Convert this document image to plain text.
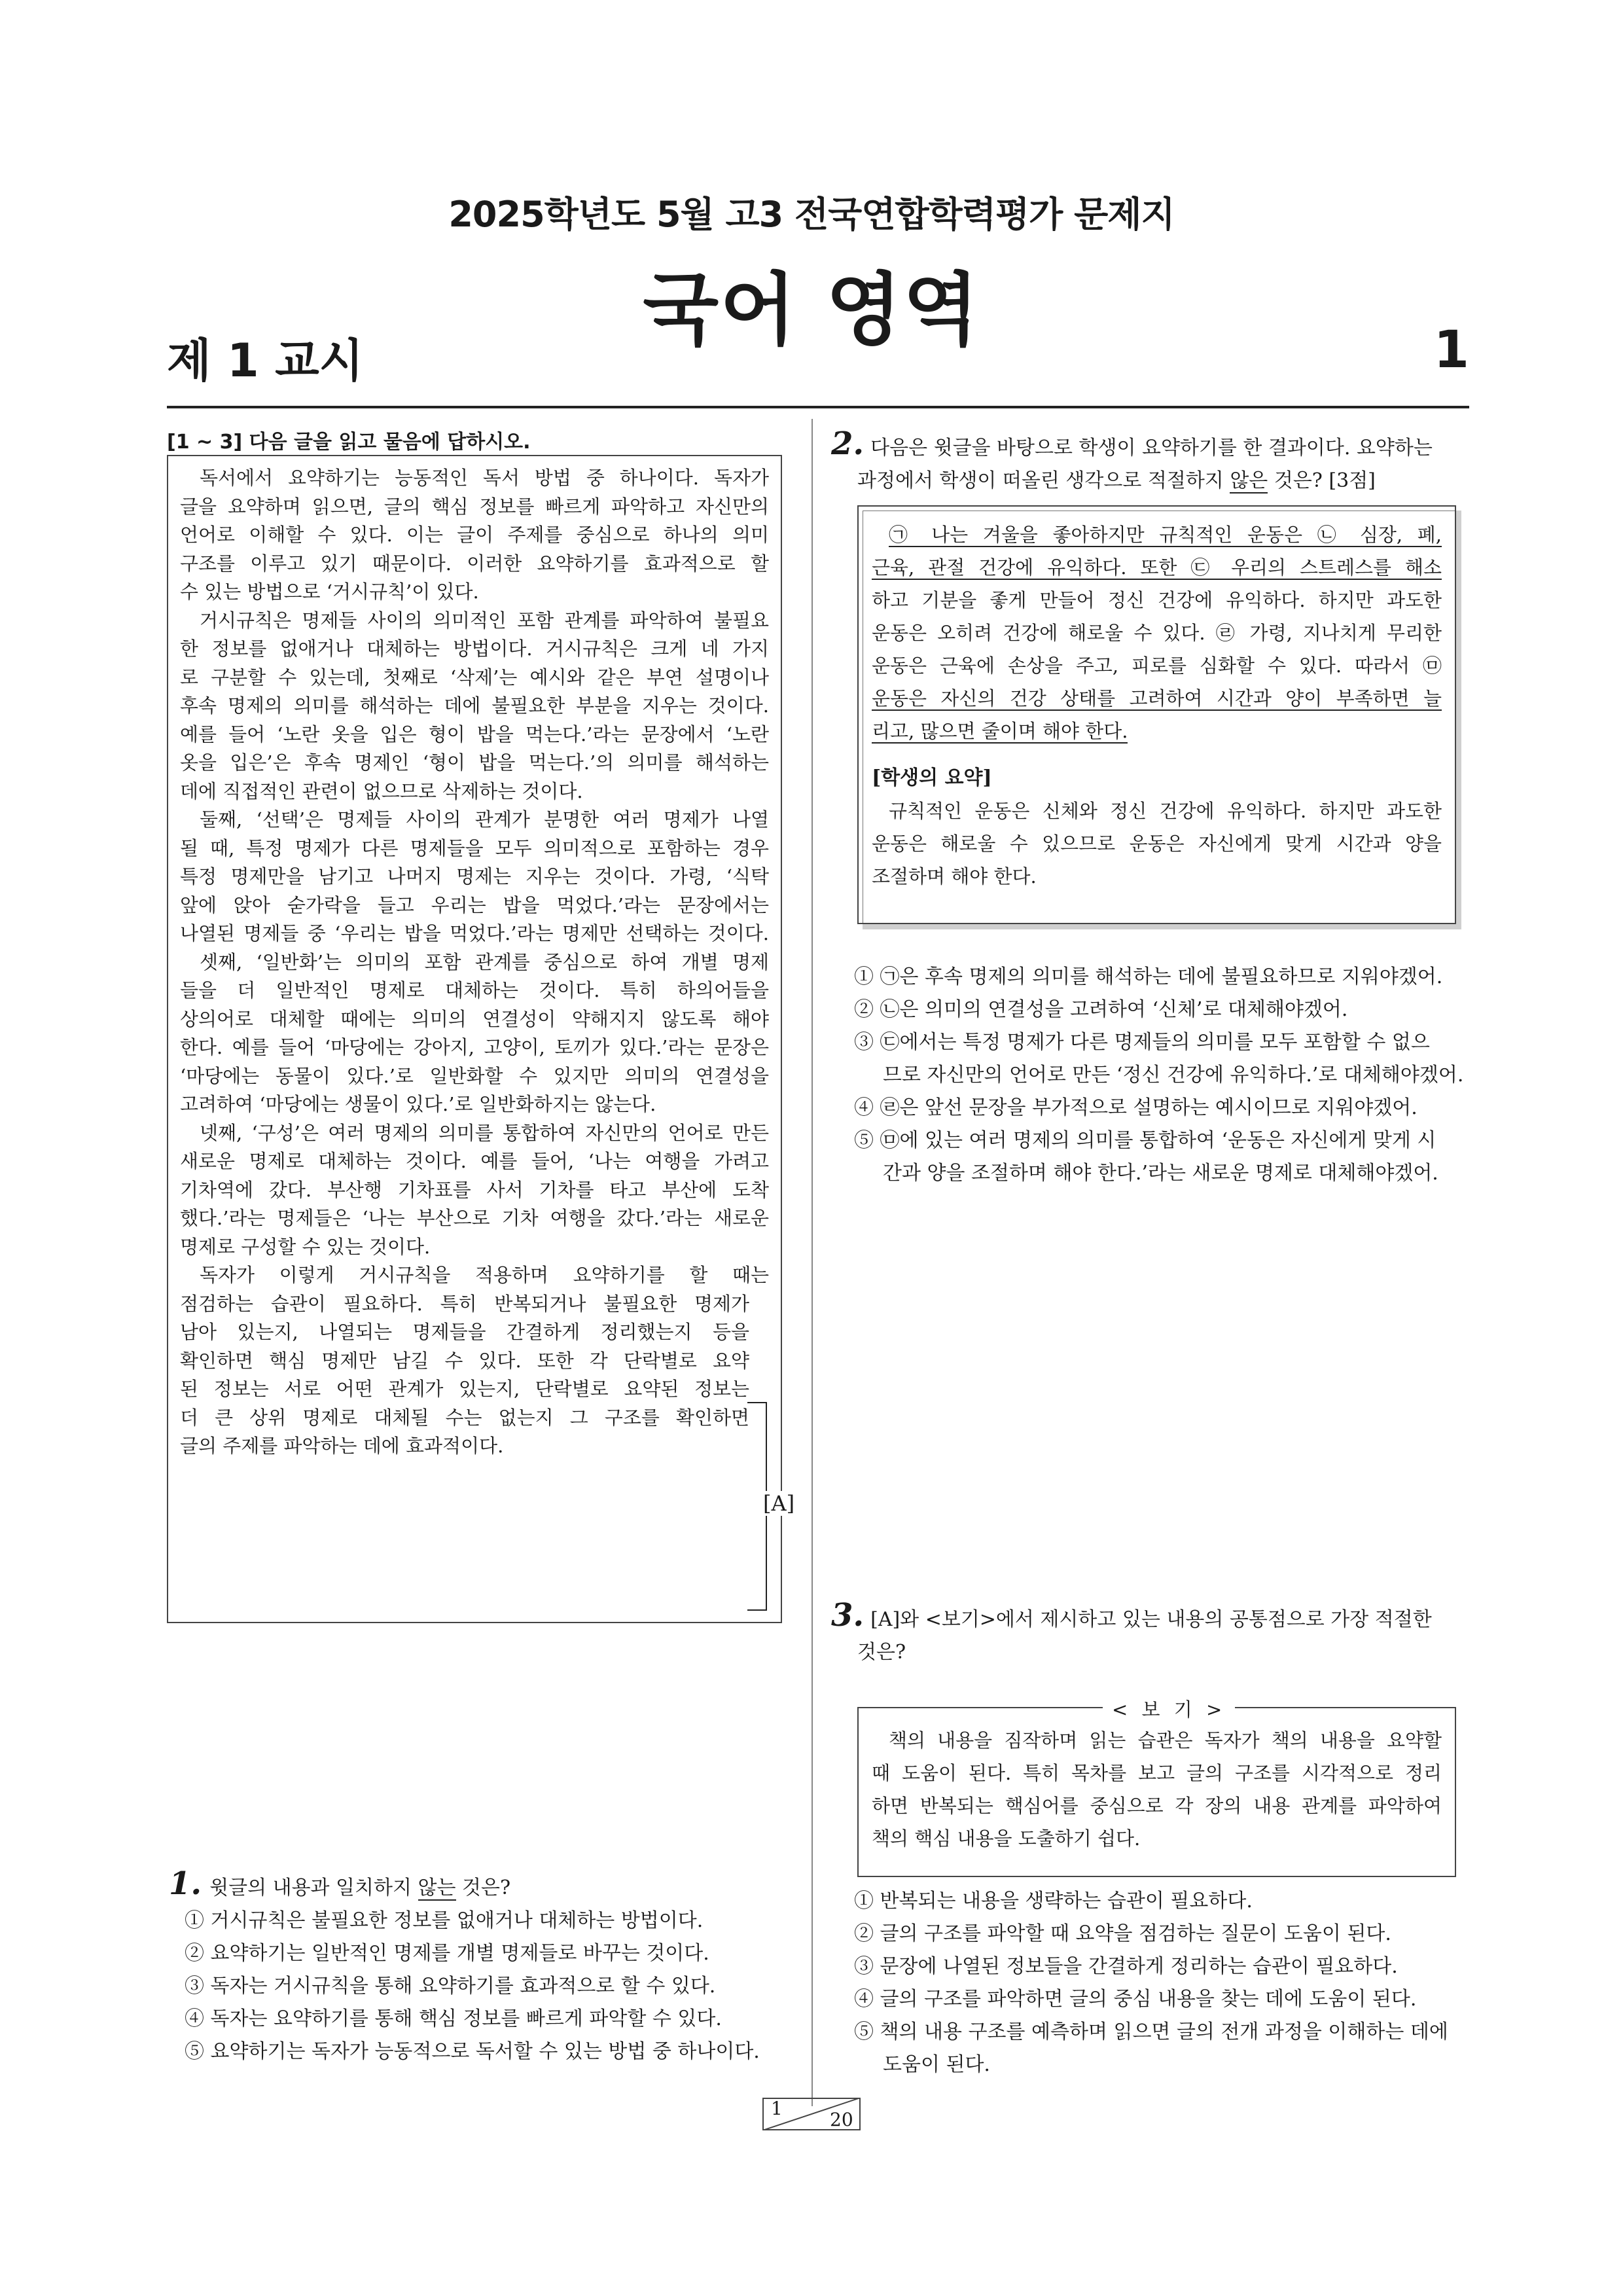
2025학년도 5월 고3 전국연합학력평가 문제지
국어 영역
제 1 교시	1
[1 ~ 3] 다음 글을 읽고 물음에 답하시오.
독서에서 요약하기는 능동적인 독서 방법 중 하나이다. 독자가
글을 요약하며 읽으면, 글의 핵심 정보를 빠르게 파악하고 자신만의
언어로 이해할 수 있다. 이는 글이 주제를 중심으로 하나의 의미
구조를 이루고 있기 때문이다. 이러한 요약하기를 효과적으로 할
수 있는 방법으로 ‘거시규칙’이 있다.
거시규칙은 명제들 사이의 의미적인 포함 관계를 파악하여 불필요
한 정보를 없애거나 대체하는 방법이다. 거시규칙은 크게 네 가지
로 구분할 수 있는데, 첫째로 ‘삭제’는 예시와 같은 부연 설명이나
후속 명제의 의미를 해석하는 데에 불필요한 부분을 지우는 것이다.
예를 들어 ‘노란 옷을 입은 형이 밥을 먹는다.’라는 문장에서 ‘노란
옷을 입은’은 후속 명제인 ‘형이 밥을 먹는다.’의 의미를 해석하는
데에 직접적인 관련이 없으므로 삭제하는 것이다.
둘째, ‘선택’은 명제들 사이의 관계가 분명한 여러 명제가 나열
될 때, 특정 명제가 다른 명제들을 모두 의미적으로 포함하는 경우
특정 명제만을 남기고 나머지 명제는 지우는 것이다. 가령, ‘식탁
앞에 앉아 숟가락을 들고 우리는 밥을 먹었다.’라는 문장에서는
나열된 명제들 중 ‘우리는 밥을 먹었다.’라는 명제만 선택하는 것이다.
셋째, ‘일반화’는 의미의 포함 관계를 중심으로 하여 개별 명제
들을 더 일반적인 명제로 대체하는 것이다. 특히 하의어들을
상의어로 대체할 때에는 의미의 연결성이 약해지지 않도록 해야
한다. 예를 들어 ‘마당에는 강아지, 고양이, 토끼가 있다.’라는 문장은
‘마당에는 동물이 있다.’로 일반화할 수 있지만 의미의 연결성을
고려하여 ‘마당에는 생물이 있다.’로 일반화하지는 않는다.
넷째, ‘구성’은 여러 명제의 의미를 통합하여 자신만의 언어로 만든
새로운 명제로 대체하는 것이다. 예를 들어, ‘나는 여행을 가려고
기차역에 갔다. 부산행 기차표를 사서 기차를 타고 부산에 도착
했다.’라는 명제들은 ‘나는 부산으로 기차 여행을 갔다.’라는 새로운
명제로 구성할 수 있는 것이다.
독자가 이렇게 거시규칙을 적용하며 요약하기를 할 때는
점검하는 습관이 필요하다. 특히 반복되거나 불필요한 명제가
남아 있는지, 나열되는 명제들을 간결하게 정리했는지 등을
확인하면 핵심 명제만 남길 수 있다. 또한 각 단락별로 요약
된 정보는 서로 어떤 관계가 있는지, 단락별로 요약된 정보는
더 큰 상위 명제로 대체될 수는 없는지 그 구조를 확인하면
글의 주제를 파악하는 데에 효과적이다.
[A]
1. 윗글의 내용과 일치하지 않는 것은?
① 거시규칙은 불필요한 정보를 없애거나 대체하는 방법이다.
② 요약하기는 일반적인 명제를 개별 명제들로 바꾸는 것이다.
③ 독자는 거시규칙을 통해 요약하기를 효과적으로 할 수 있다.
④ 독자는 요약하기를 통해 핵심 정보를 빠르게 파악할 수 있다.
⑤ 요약하기는 독자가 능동적으로 독서할 수 있는 방법 중 하나이다.
2. 다음은 윗글을 바탕으로 학생이 요약하기를 한 결과이다. 요약하는
과정에서 학생이 떠올린 생각으로 적절하지 않은 것은? [3점]
㉠ 나는 겨울을 좋아하지만 규칙적인 운동은 ㉡ 심장, 폐,
근육, 관절 건강에 유익하다. 또한 ㉢ 우리의 스트레스를 해소
하고 기분을 좋게 만들어 정신 건강에 유익하다. 하지만 과도한
운동은 오히려 건강에 해로울 수 있다. ㉣ 가령, 지나치게 무리한
운동은 근육에 손상을 주고, 피로를 심화할 수 있다. 따라서 ㉤
운동은 자신의 건강 상태를 고려하여 시간과 양이 부족하면 늘
리고, 많으면 줄이며 해야 한다.
[학생의 요약]
규칙적인 운동은 신체와 정신 건강에 유익하다. 하지만 과도한
운동은 해로울 수 있으므로 운동은 자신에게 맞게 시간과 양을
조절하며 해야 한다.
① ㉠은 후속 명제의 의미를 해석하는 데에 불필요하므로 지워야겠어.
② ㉡은 의미의 연결성을 고려하여 ‘신체’로 대체해야겠어.
③ ㉢에서는 특정 명제가 다른 명제들의 의미를 모두 포함할 수 없으
므로 자신만의 언어로 만든 ‘정신 건강에 유익하다.’로 대체해야겠어.
④ ㉣은 앞선 문장을 부가적으로 설명하는 예시이므로 지워야겠어.
⑤ ㉤에 있는 여러 명제의 의미를 통합하여 ‘운동은 자신에게 맞게 시
간과 양을 조절하며 해야 한다.’라는 새로운 명제로 대체해야겠어.
3. [A]와 <보기>에서 제시하고 있는 내용의 공통점으로 가장 적절한
것은?
책의 내용을 짐작하며 읽는 습관은 독자가 책의 내용을 요약할
때 도움이 된다. 특히 목차를 보고 글의 구조를 시각적으로 정리
하면 반복되는 핵심어를 중심으로 각 장의 내용 관계를 파악하여
책의 핵심 내용을 도출하기 쉽다.
< 보 기 >
① 반복되는 내용을 생략하는 습관이 필요하다.
② 글의 구조를 파악할 때 요약을 점검하는 질문이 도움이 된다.
③ 문장에 나열된 정보들을 간결하게 정리하는 습관이 필요하다.
④ 글의 구조를 파악하면 글의 중심 내용을 찾는 데에 도움이 된다.
⑤ 책의 내용 구조를 예측하며 읽으면 글의 전개 과정을 이해하는 데에
도움이 된다.
1
20
